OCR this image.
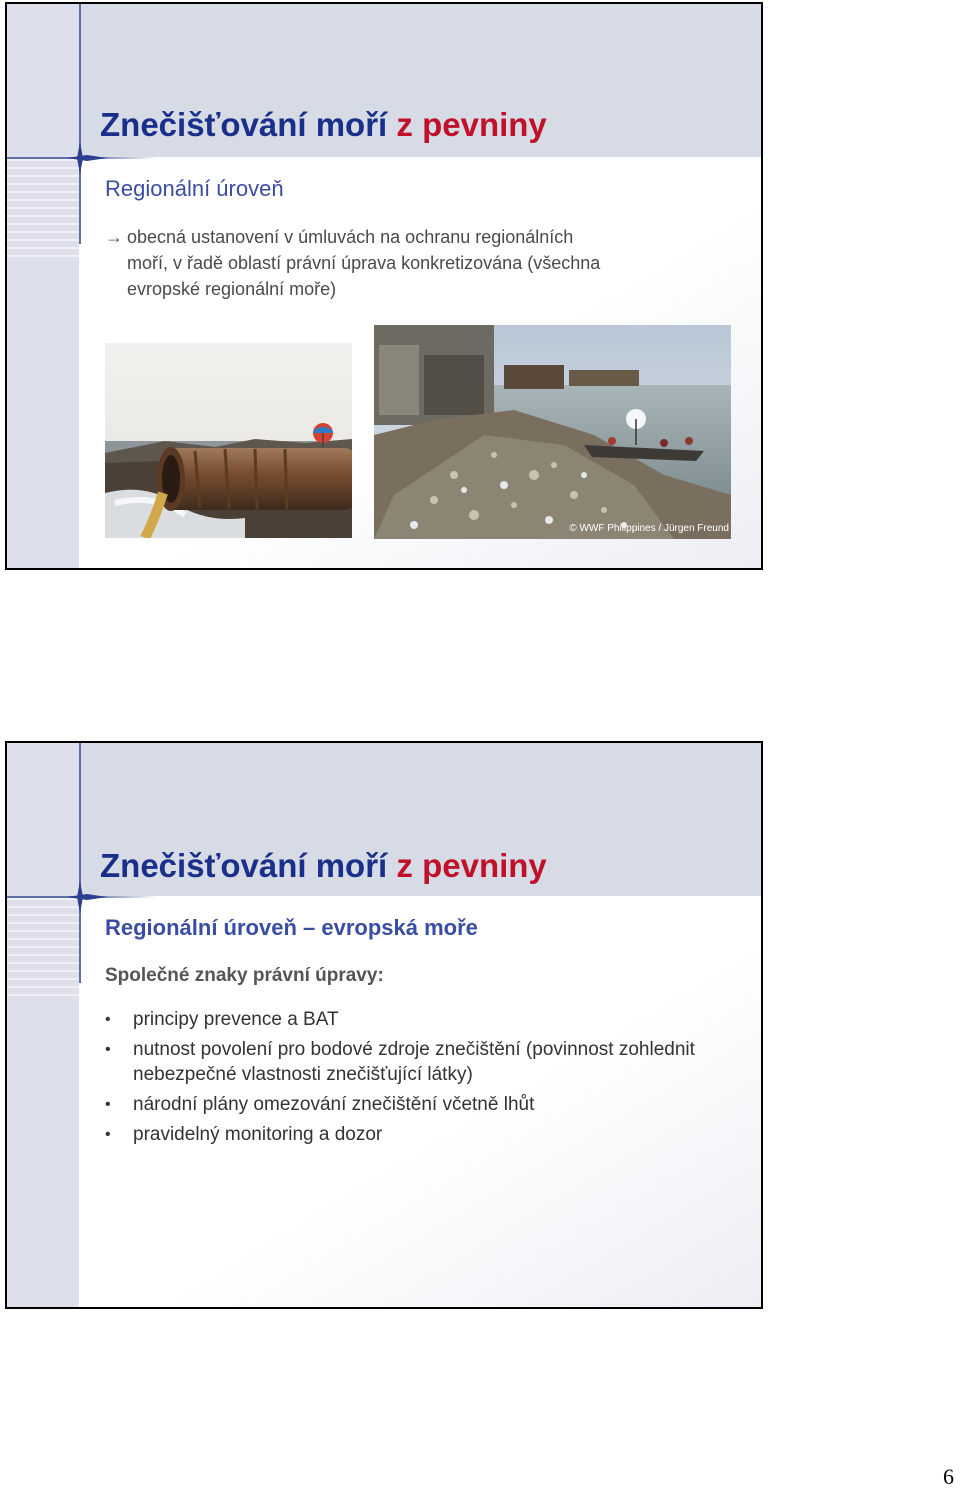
Znečišťování moří z pevniny
Regionální úroveň
→ obecná ustanovení v úmluvách na ochranu regionálních
moří, v řadě oblastí právní úprava konkretizována (všechna
evropské regionální moře)
© WWF Philippines / Jürgen Freund
Znečišťování moří z pevniny
Regionální úroveň – evropská moře
Společné znaky právní úpravy:
• principy prevence a BAT
• nutnost povolení pro bodové zdroje znečištění (povinnost zohlednit nebezpečné vlastnosti znečišťující látky)
• národní plány omezování znečištění včetně lhůt
• pravidelný monitoring a dozor
6
